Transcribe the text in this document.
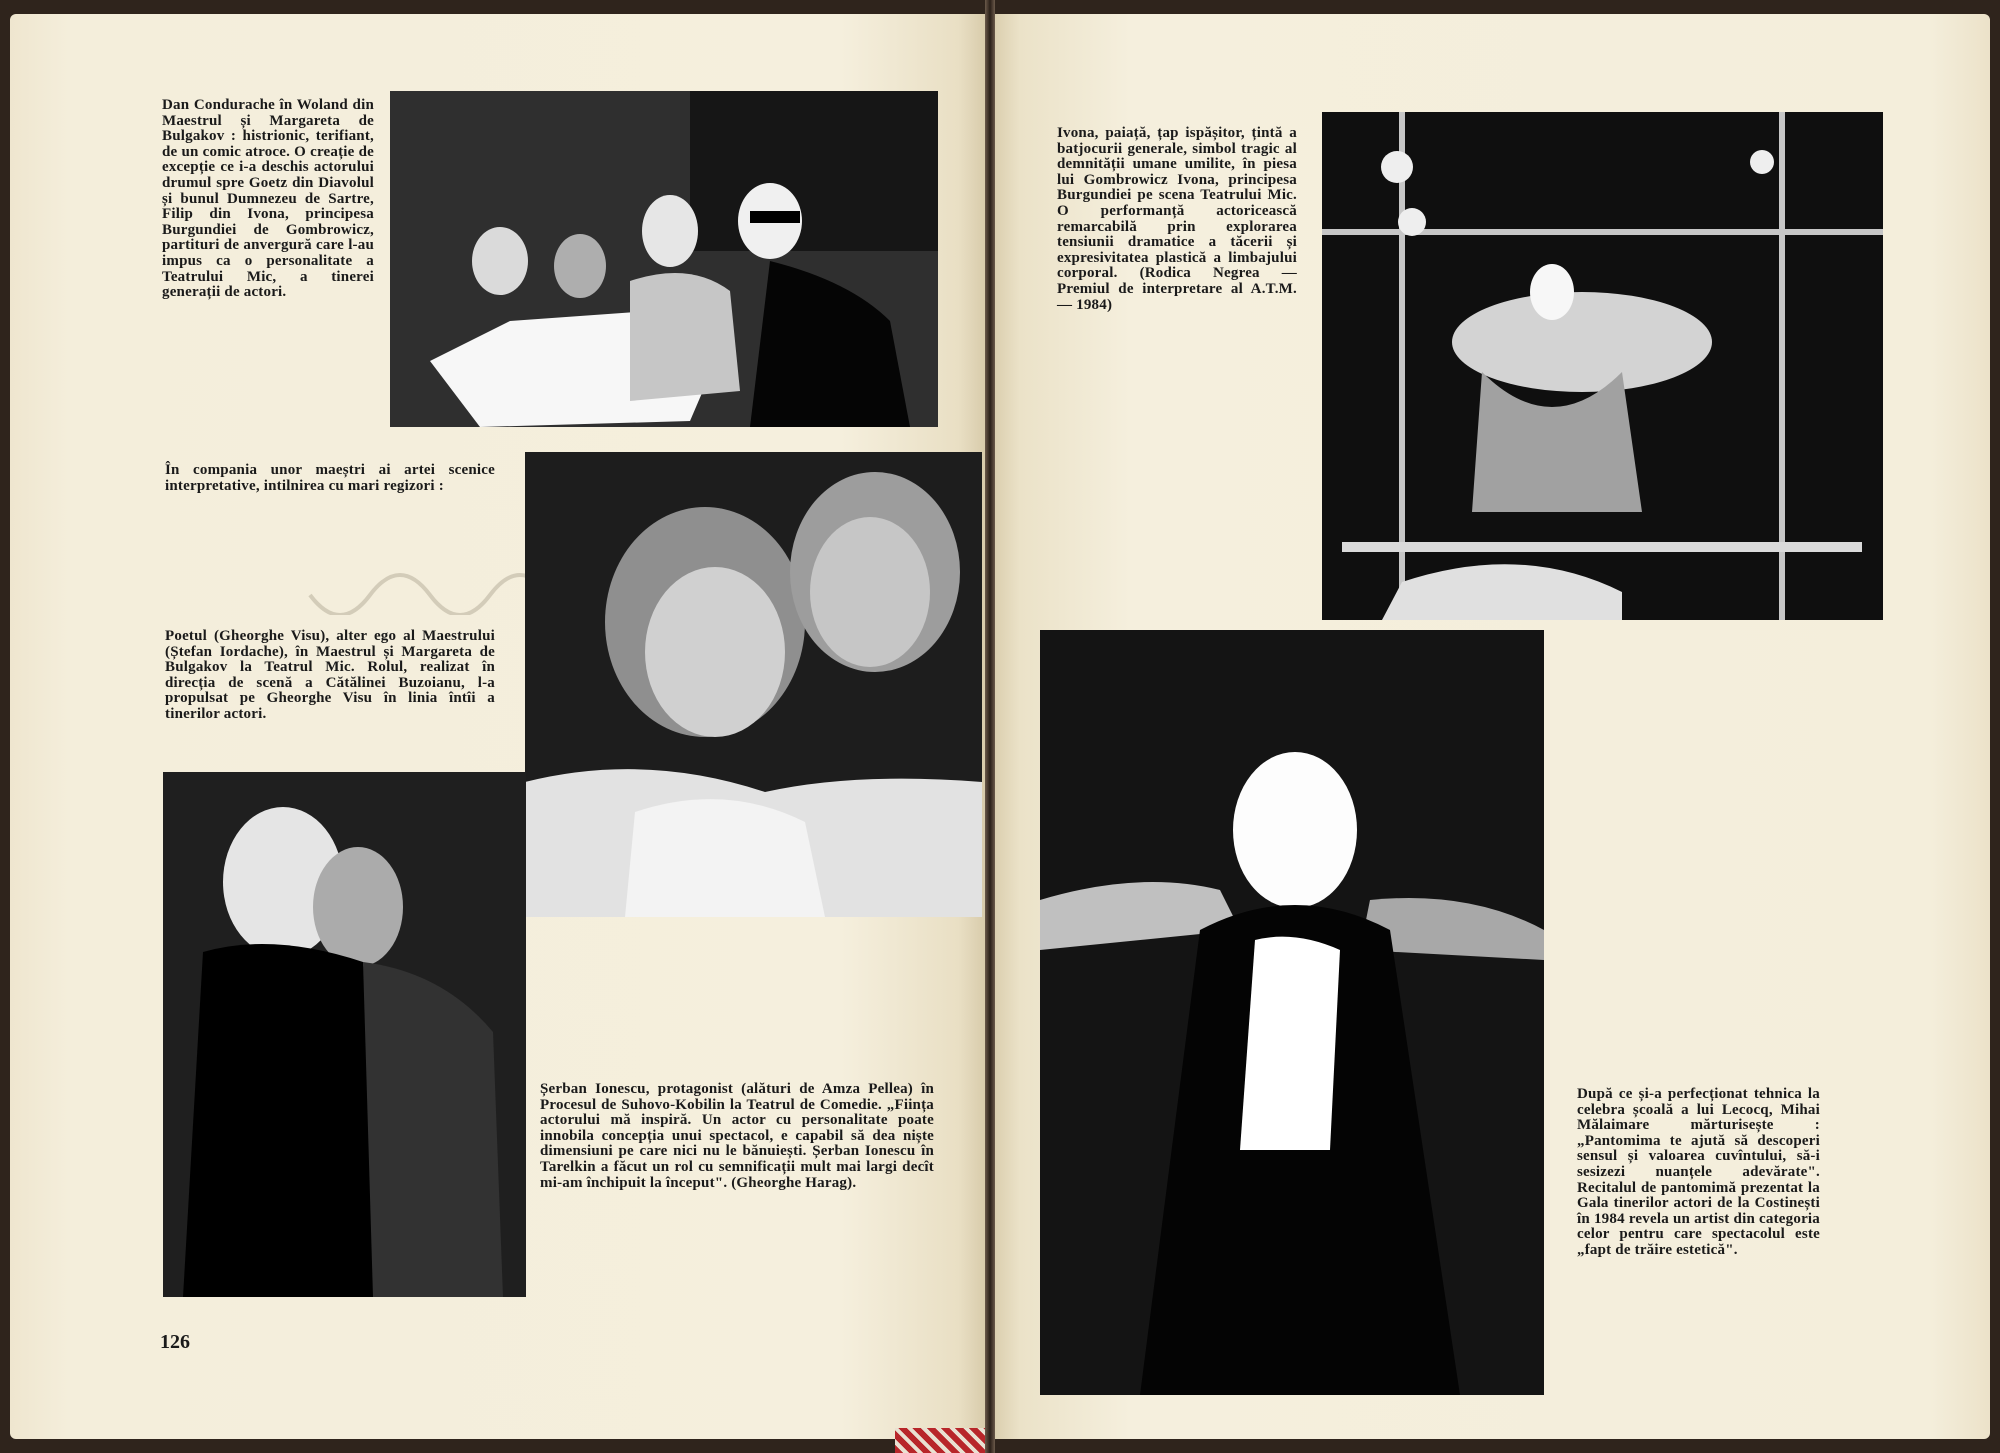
Dan Condurache în Woland din Maestrul și Margareta de Bulgakov : histrionic, terifiant, de un comic atroce. O creație de excepție ce i-a deschis actorului drumul spre Goetz din Diavolul și bunul Dumnezeu de Sartre, Filip din Ivona, principesa Burgundiei de Gombrowicz, partituri de anvergură care l-au impus ca o personalitate a Teatrului Mic, a tinerei generații de actori.
În compania unor maeștri ai artei scenice interpretative, intilnirea cu mari regizori :
Poetul (Gheorghe Visu), alter ego al Maestrului (Ștefan Iordache), în Maestrul și Margareta de Bulgakov la Teatrul Mic. Rolul, realizat în direcția de scenă a Cătălinei Buzoianu, l-a propulsat pe Gheorghe Visu în linia întîi a tinerilor actori.
Șerban Ionescu, protagonist (alături de Amza Pellea) în Procesul de Suhovo-Kobilin la Teatrul de Comedie. „Ființa actorului mă inspiră. Un actor cu personalitate poate innobila concepția unui spectacol, e capabil să dea niște dimensiuni pe care nici nu le bănuiești. Șerban Ionescu în Tarelkin a făcut un rol cu semnificații mult mai largi decît mi-am închipuit la început". (Gheorghe Harag).
126
Ivona, paiață, țap ispășitor, țintă a batjocurii generale, simbol tragic al demnității umane umilite, în piesa lui Gombrowicz Ivona, principesa Burgundiei pe scena Teatrului Mic. O performanță actoricească remarcabilă prin explorarea tensiunii dramatice a tăcerii și expresivitatea plastică a limbajului corporal. (Rodica Negrea — Premiul de interpretare al A.T.M. — 1984)
După ce și-a perfecționat tehnica la celebra școală a lui Lecocq, Mihai Mălaimare mărturisește : „Pantomima te ajută să descoperi sensul și valoarea cuvîntului, să-i sesizezi nuanțele adevărate". Recitalul de pantomimă prezentat la Gala tinerilor actori de la Costinești în 1984 revela un artist din categoria celor pentru care spectacolul este „fapt de trăire estetică".
